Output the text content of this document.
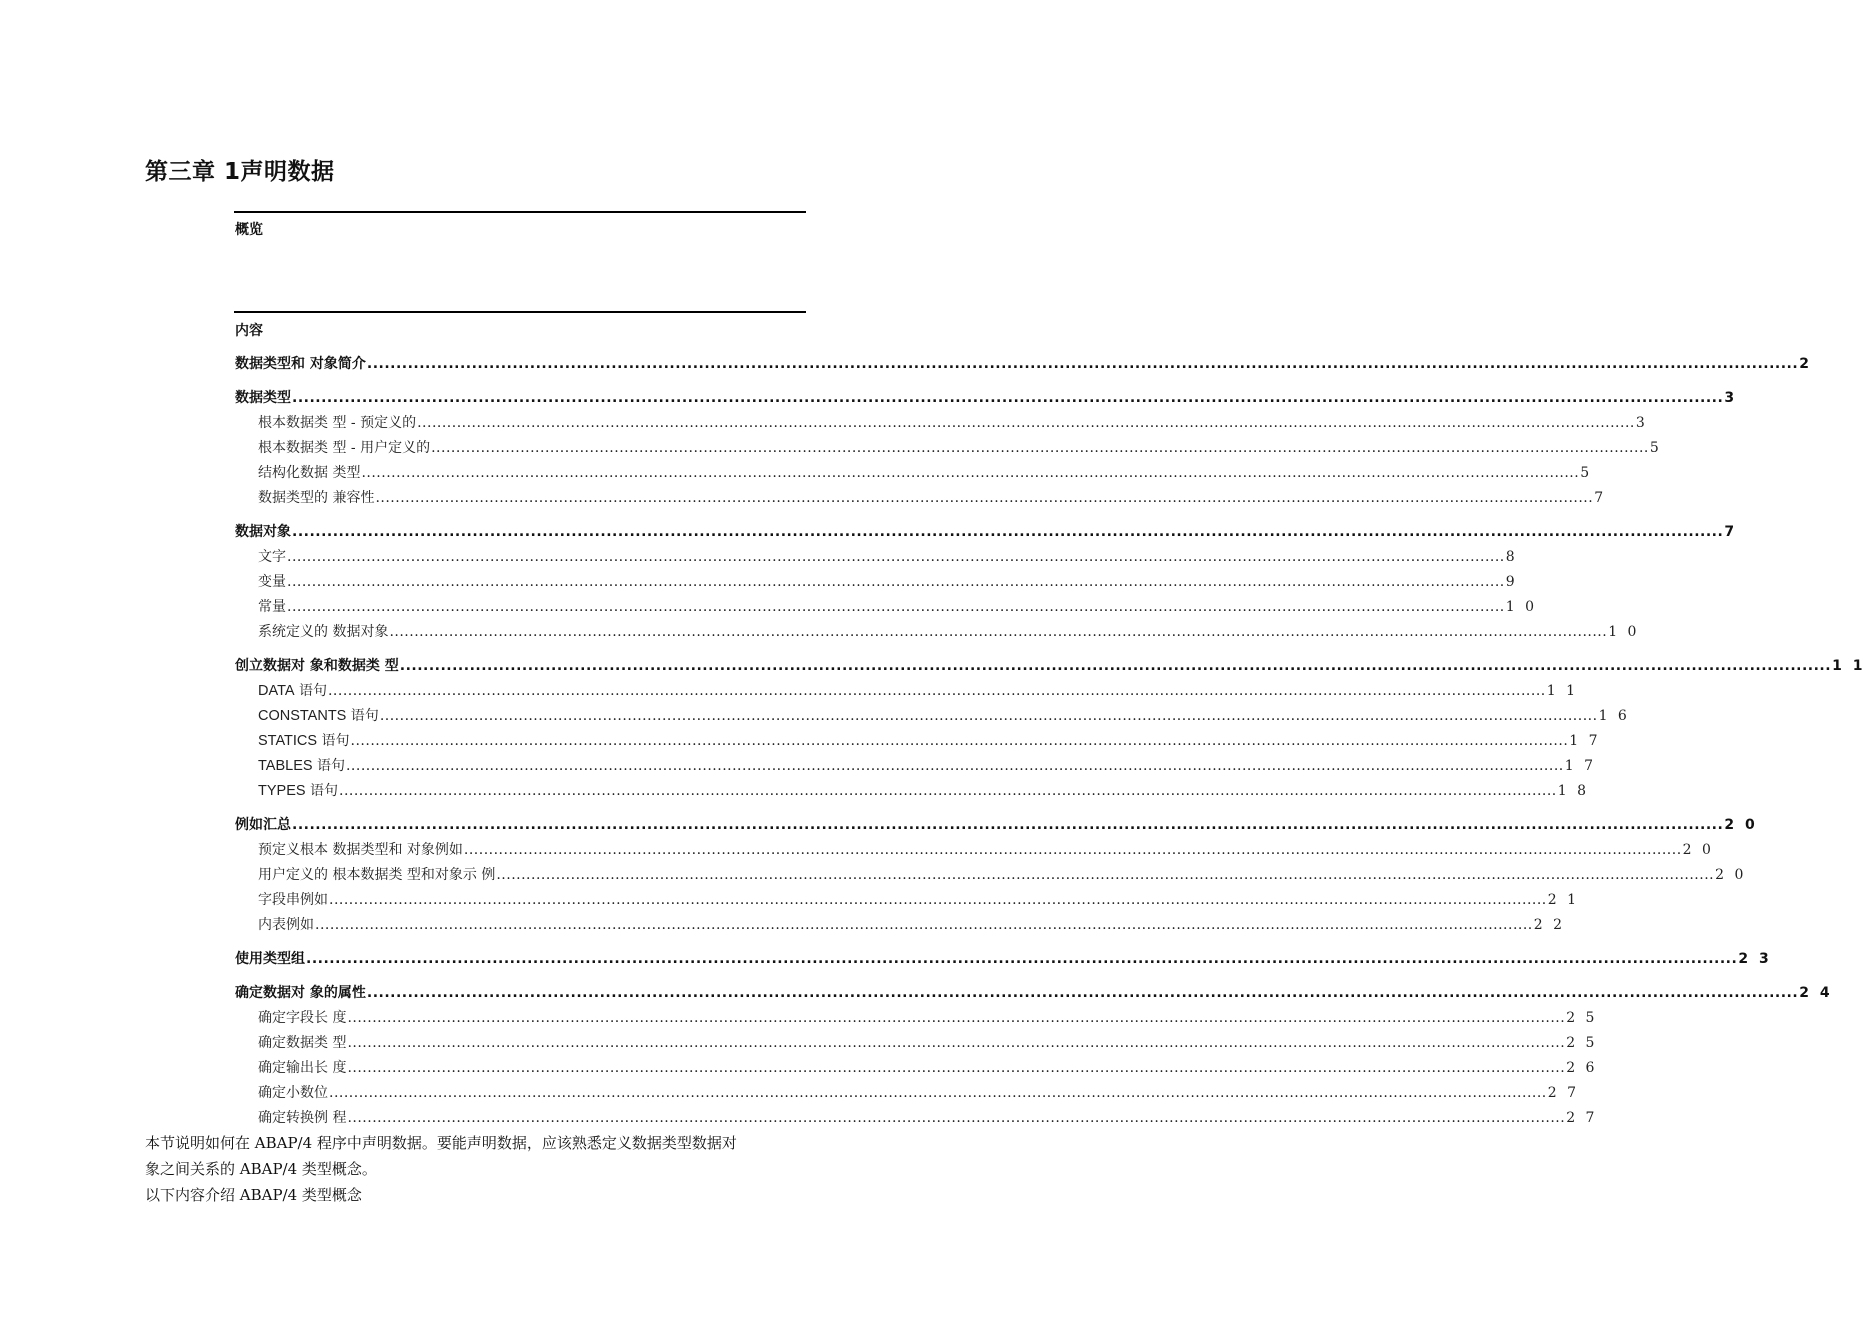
第三章 1声明数据
概览
内容
数据类型和 对象简介 .....	2
数据类型 .....	3
根本数据类 型 - 预定义的 .....	3
根本数据类 型 - 用户定义的 .....	5
结构化数据 类型 .....	5
数据类型的 兼容性 .....	7
数据对象 .....	7
文字 .....	8
变量 .....	9
常量 .....	1 0
系统定义的 数据对象 .....	1 0
创立数据对 象和数据类 型 .....	1 1
DATA 语句 .....	1 1
CONSTANTS 语句 .....	1 6
STATICS 语句 .....	1 7
TABLES 语句 .....	1 7
TYPES 语句 .....	1 8
例如汇总 .....	2 0
预定义根本 数据类型和 对象例如 .....	2 0
用户定义的 根本数据类 型和对象示 例 .....	2 0
字段串例如 .....	2 1
内表例如 .....	2 2
使用类型组 .....	2 3
确定数据对 象的属性 .....	2 4
确定字段长 度 .....	2 5
确定数据类 型 .....	2 5
确定输出长 度 .....	2 6
确定小数位 .....	2 7
确定转换例 程 .....	2 7

本节说明如何在 ABAP/4 程序中声明数据。要能声明数据，应该熟悉定义数据类型数据对

象之间关系的 ABAP/4 类型概念。

以下内容介绍 ABAP/4 类型概念
